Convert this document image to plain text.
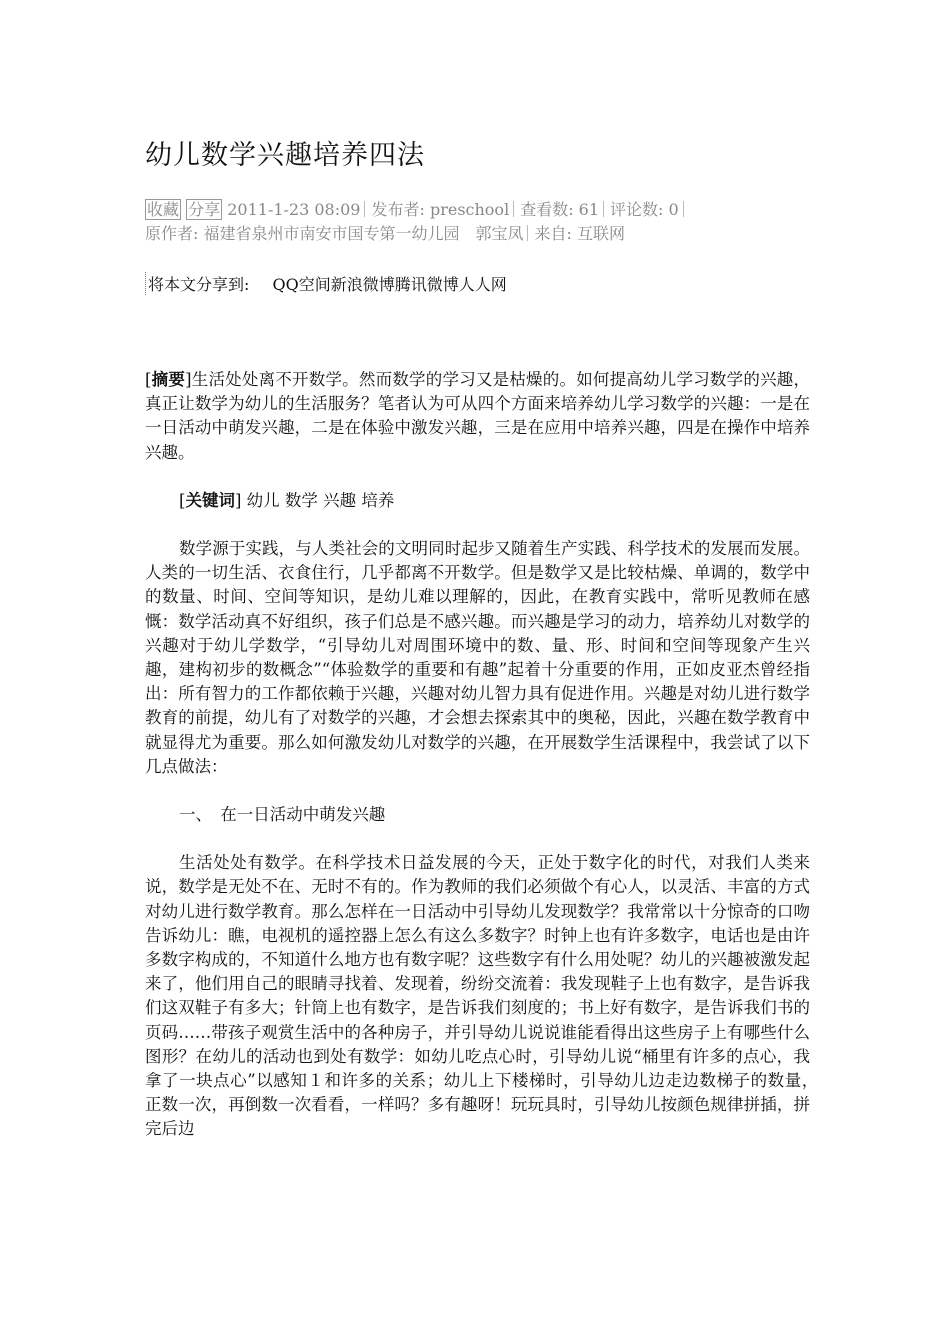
幼儿数学兴趣培养四法
收藏 分享 2011-1-23 08:09 发布者: preschool 查看数: 61 评论数: 0
原作者: 福建省泉州市南安市国专第一幼儿园　郭宝凤 来自: 互联网
将本文分享到: QQ空间新浪微博腾讯微博人人网

[摘要]生活处处离不开数学。然而数学的学习又是枯燥的。如何提高幼儿学习数学的兴趣，真正让数学为幼儿的生活服务？笔者认为可从四个方面来培养幼儿学习数学的兴趣：一是在一日活动中萌发兴趣，二是在体验中激发兴趣，三是在应用中培养兴趣，四是在操作中培养兴趣。

[关键词] 幼儿 数学 兴趣 培养

数学源于实践，与人类社会的文明同时起步又随着生产实践、科学技术的发展而发展。人类的一切生活、衣食住行，几乎都离不开数学。但是数学又是比较枯燥、单调的，数学中的数量、时间、空间等知识，是幼儿难以理解的，因此，在教育实践中，常听见教师在感慨：数学活动真不好组织，孩子们总是不感兴趣。而兴趣是学习的动力，培养幼儿对数学的兴趣对于幼儿学数学，“引导幼儿对周围环境中的数、量、形、时间和空间等现象产生兴趣，建构初步的数概念”“体验数学的重要和有趣”起着十分重要的作用，正如皮亚杰曾经指出：所有智力的工作都依赖于兴趣，兴趣对幼儿智力具有促进作用。兴趣是对幼儿进行数学教育的前提，幼儿有了对数学的兴趣，才会想去探索其中的奥秘，因此，兴趣在数学教育中就显得尤为重要。那么如何激发幼儿对数学的兴趣，在开展数学生活课程中，我尝试了以下几点做法：

一、　在一日活动中萌发兴趣

生活处处有数学。在科学技术日益发展的今天，正处于数字化的时代，对我们人类来说，数学是无处不在、无时不有的。作为教师的我们必须做个有心人，以灵活、丰富的方式对幼儿进行数学教育。那么怎样在一日活动中引导幼儿发现数学？我常常以十分惊奇的口吻告诉幼儿：瞧，电视机的遥控器上怎么有这么多数字？时钟上也有许多数字，电话也是由许多数字构成的，不知道什么地方也有数字呢？这些数字有什么用处呢？幼儿的兴趣被激发起来了，他们用自己的眼睛寻找着、发现着，纷纷交流着：我发现鞋子上也有数字，是告诉我们这双鞋子有多大；针筒上也有数字，是告诉我们刻度的；书上好有数字，是告诉我们书的页码……带孩子观赏生活中的各种房子，并引导幼儿说说谁能看得出这些房子上有哪些什么图形？在幼儿的活动也到处有数学：如幼儿吃点心时，引导幼儿说“桶里有许多的点心，我拿了一块点心”以感知１和许多的关系；幼儿上下楼梯时，引导幼儿边走边数梯子的数量，　正数一次，再倒数一次看看，一样吗？多有趣呀！玩玩具时，引导幼儿按颜色规律拼插，拼完后边
